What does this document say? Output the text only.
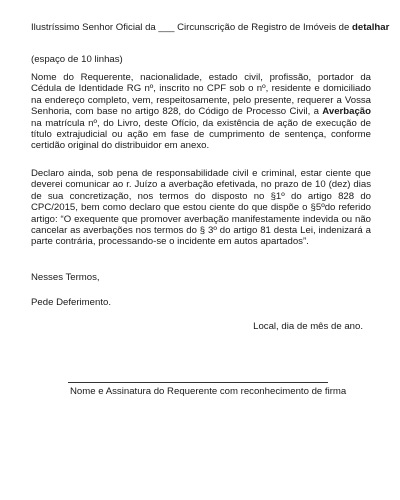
Ilustríssimo Senhor Oficial da ___ Circunscrição de Registro de Imóveis de detalhar
(espaço de 10 linhas)

Nome do Requerente, nacionalidade, estado civil, profissão, portador da Cédula de Identidade RG nº, inscrito no CPF sob o nº, residente e domiciliado na endereço completo, vem, respeitosamente, pelo presente, requerer a Vossa Senhoria, com base no artigo 828, do Código de Processo Civil, a Averbação na matrícula nº, do Livro, deste Ofício, da existência de ação de execução de título extrajudicial ou ação em fase de cumprimento de sentença, conforme certidão original do distribuidor em anexo.

Declaro ainda, sob pena de responsabilidade civil e criminal, estar ciente que deverei comunicar ao r. Juízo a averbação efetivada, no prazo de 10 (dez) dias de sua concretização, nos termos do disposto no §1º do artigo 828 do CPC/2015, bem como declaro que estou ciente do que dispõe o §5ºdo referido artigo: “O exequente que promover averbação manifestamente indevida ou não cancelar as averbações nos termos do § 3º do artigo 81 desta Lei, indenizará a parte contrária, processando-se o incidente em autos apartados”.

Nesses Termos,
Pede Deferimento.
Local, dia de mês de ano.
Nome e Assinatura do Requerente com reconhecimento de firma
